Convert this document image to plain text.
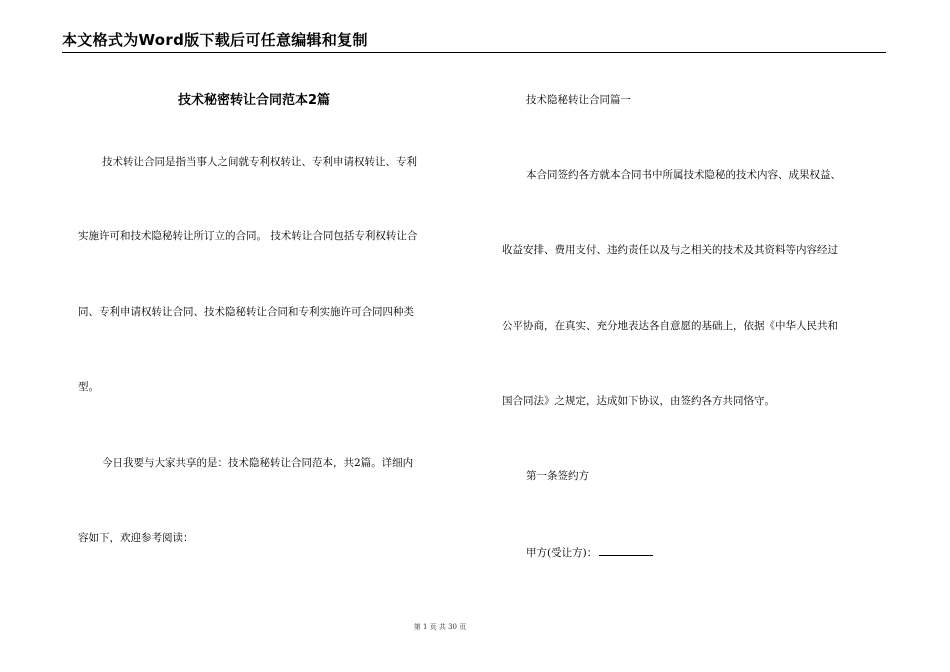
本文格式为Word版下载后可任意编辑和复制
技术秘密转让合同范本2篇
技术转让合同是指当事人之间就专利权转让、专利申请权转让、专利
实施许可和技术隐秘转让所订立的合同。 技术转让合同包括专利权转让合
同、专利申请权转让合同、技术隐秘转让合同和专利实施许可合同四种类
型。
今日我要与大家共享的是：技术隐秘转让合同范本，共2篇。详细内
容如下，欢迎参考阅读：
技术隐秘转让合同篇一
本合同签约各方就本合同书中所属技术隐秘的技术内容、成果权益、
收益安排、费用支付、违约责任以及与之相关的技术及其资料等内容经过
公平协商，在真实、充分地表达各自意愿的基础上，依据《中华人民共和
国合同法》之规定，达成如下协议，由签约各方共同恪守。
第一条签约方
甲方(受让方)：
第 1 页 共 30 页
